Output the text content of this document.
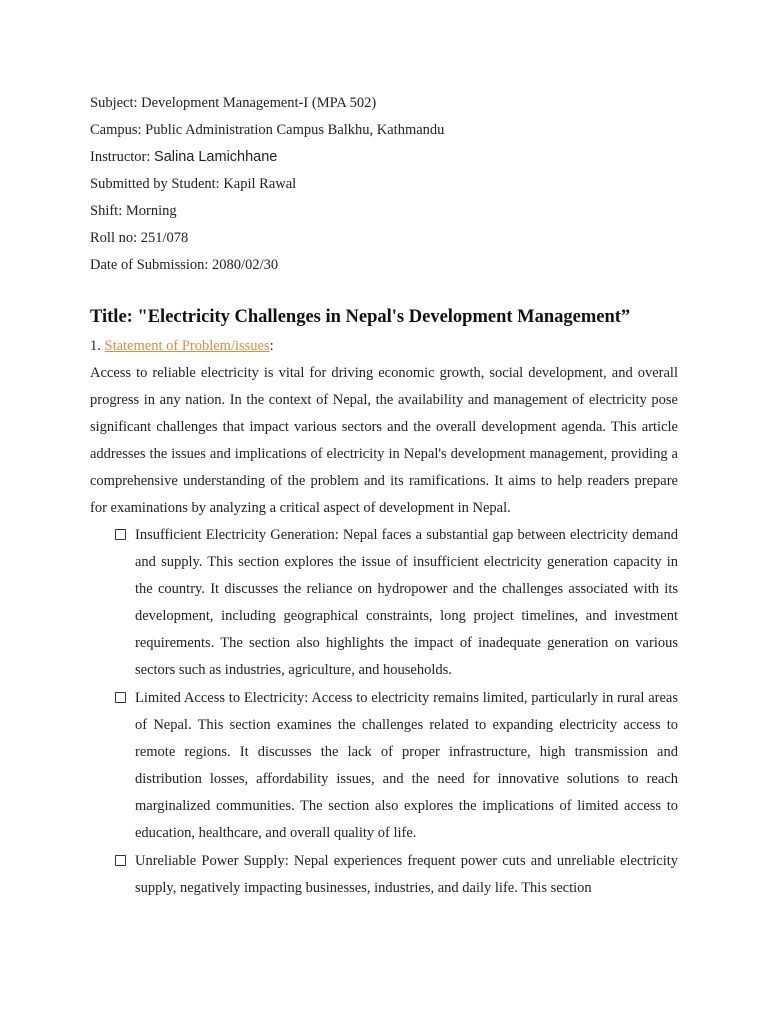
Subject: Development Management-I (MPA 502)
Campus: Public Administration Campus Balkhu, Kathmandu
Instructor: Salina Lamichhane
Submitted by Student: Kapil Rawal
Shift: Morning
Roll no: 251/078
Date of Submission: 2080/02/30
Title: "Electricity Challenges in Nepal's Development Management”
1. Statement of Problem/issues:

Access to reliable electricity is vital for driving economic growth, social development, and overall progress in any nation. In the context of Nepal, the availability and management of electricity pose significant challenges that impact various sectors and the overall development agenda. This article addresses the issues and implications of electricity in Nepal's development management, providing a comprehensive understanding of the problem and its ramifications. It aims to help readers prepare for examinations by analyzing a critical aspect of development in Nepal.

Insufficient Electricity Generation: Nepal faces a substantial gap between electricity demand and supply. This section explores the issue of insufficient electricity generation capacity in the country. It discusses the reliance on hydropower and the challenges associated with its development, including geographical constraints, long project timelines, and investment requirements. The section also highlights the impact of inadequate generation on various sectors such as industries, agriculture, and households.
Limited Access to Electricity: Access to electricity remains limited, particularly in rural areas of Nepal. This section examines the challenges related to expanding electricity access to remote regions. It discusses the lack of proper infrastructure, high transmission and distribution losses, affordability issues, and the need for innovative solutions to reach marginalized communities. The section also explores the implications of limited access to education, healthcare, and overall quality of life.
Unreliable Power Supply: Nepal experiences frequent power cuts and unreliable electricity supply, negatively impacting businesses, industries, and daily life. This section
